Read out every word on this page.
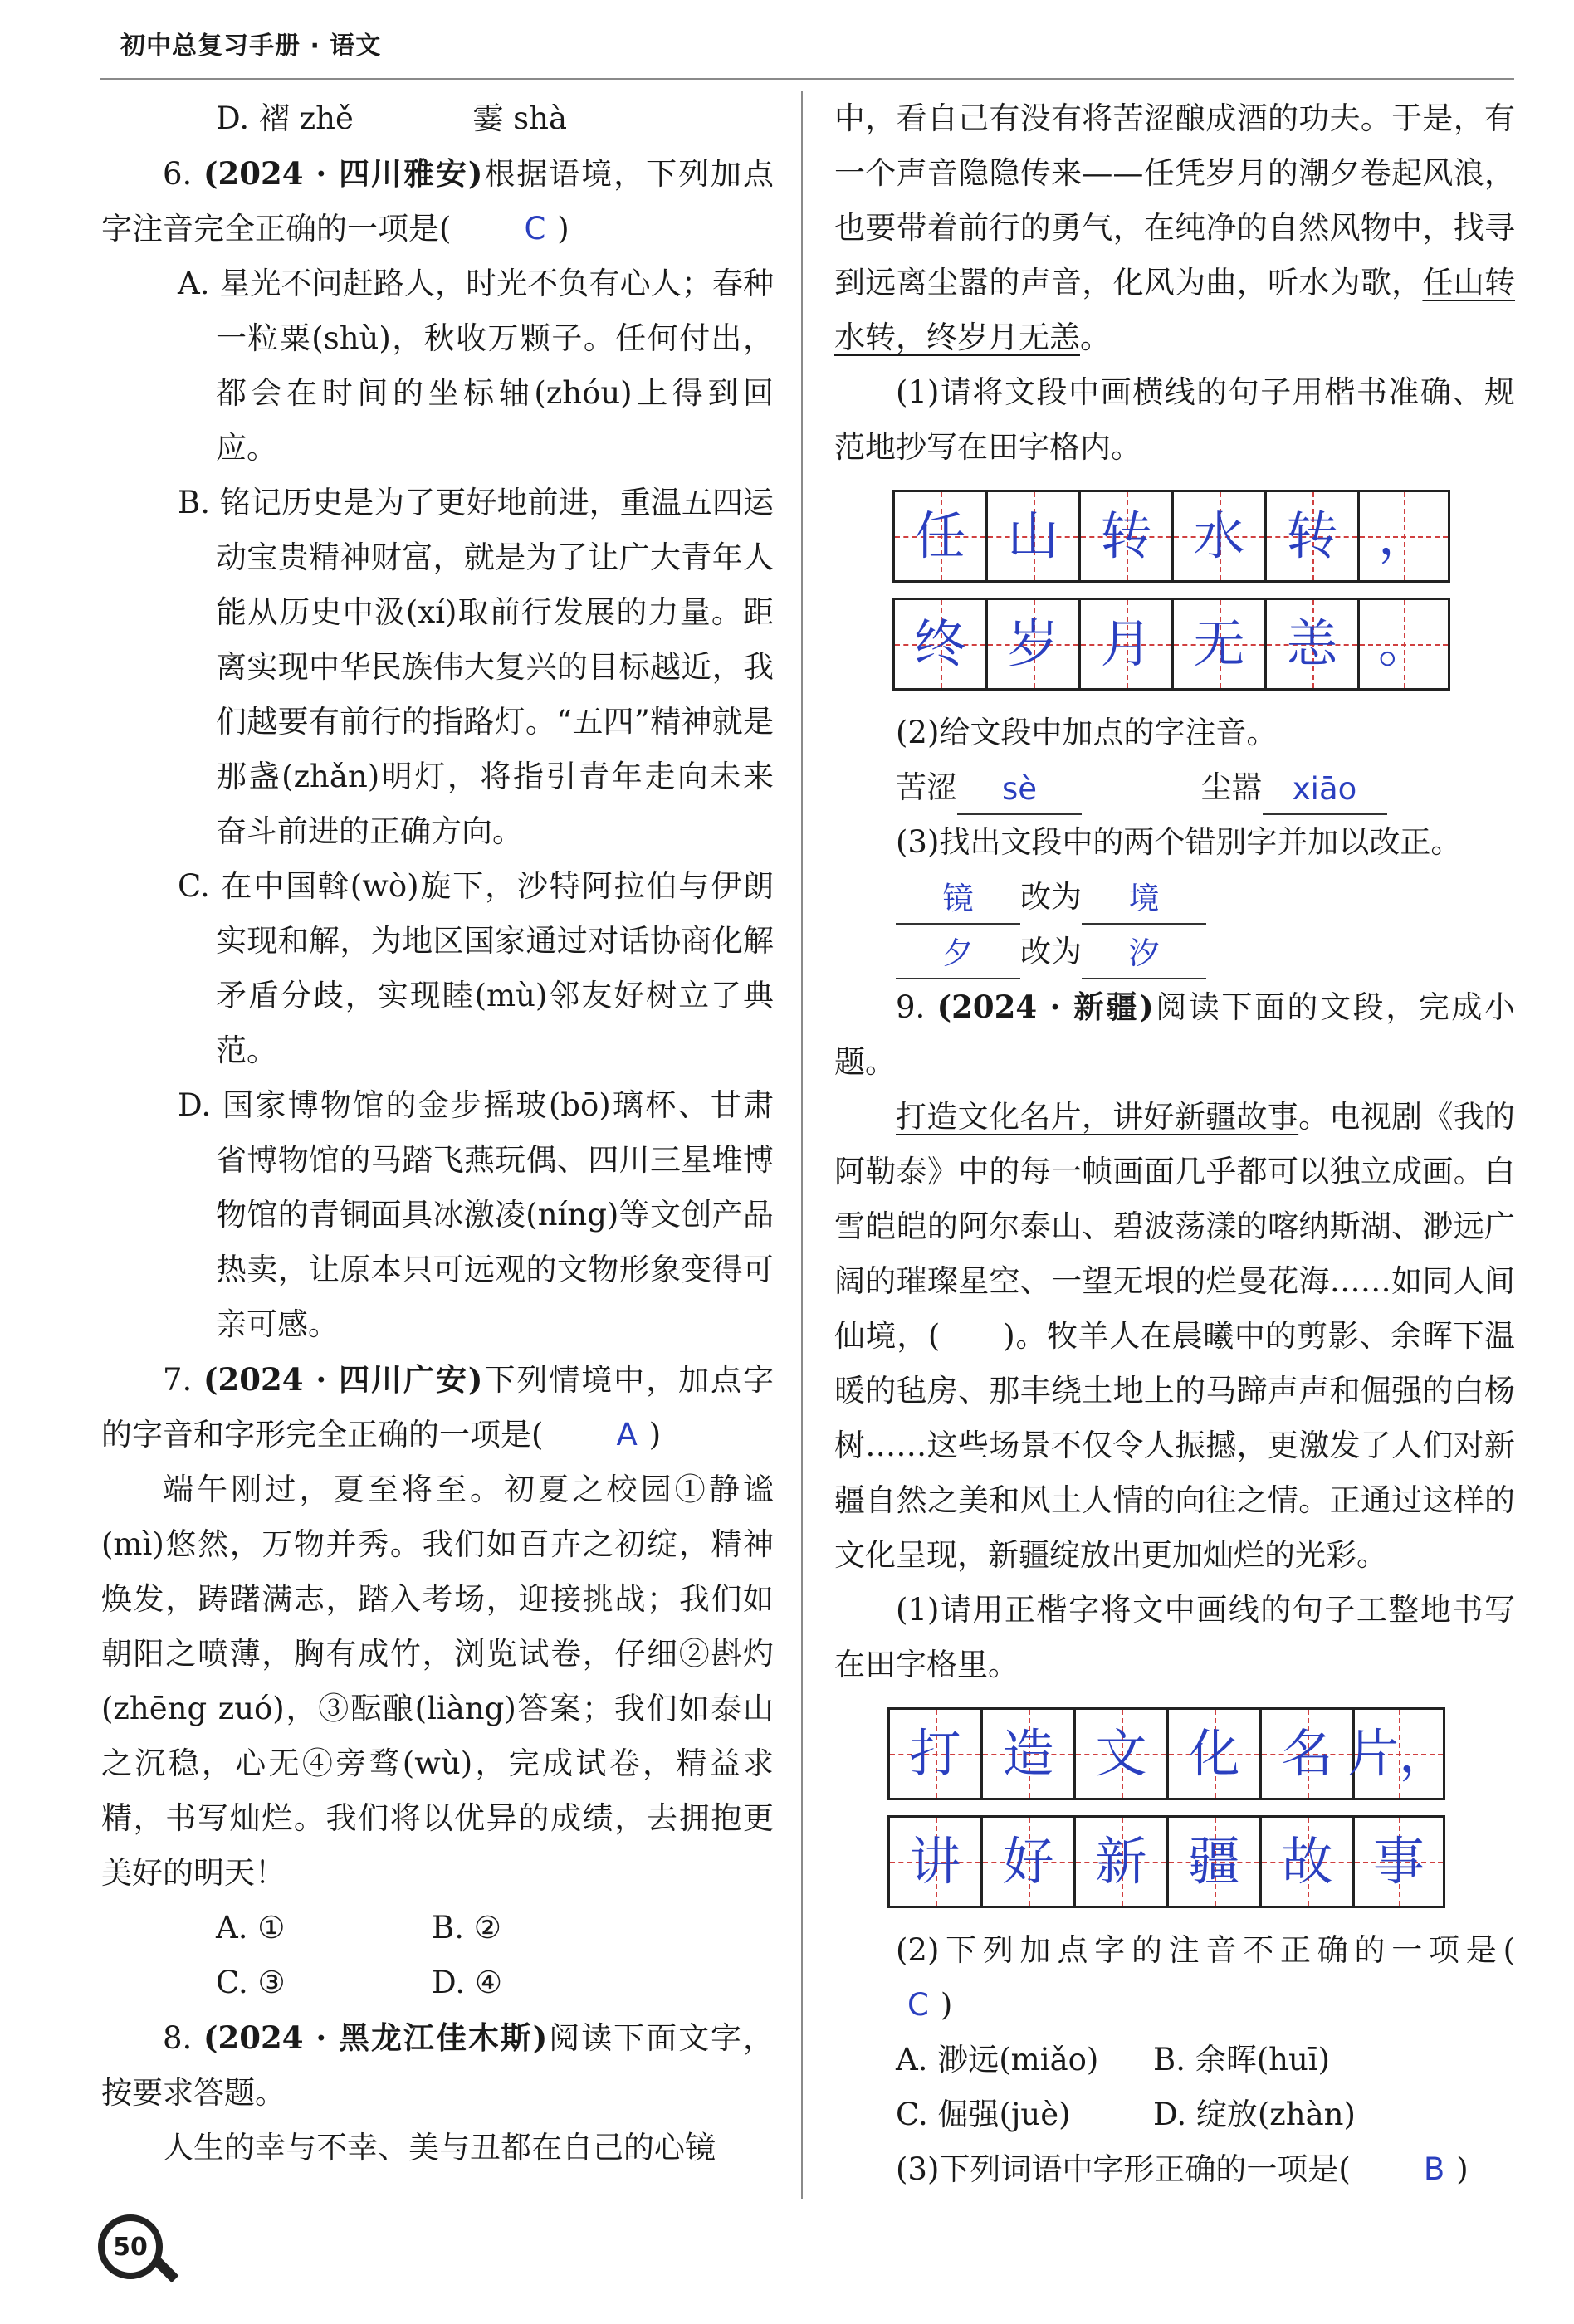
初中总复习手册 · 语文

D. 褶 zhě	霎 shà

6. (2024 · 四川雅安)根据语境，下列加点字注音完全正确的一项是( C )

A. 星光不问赶路人，时光不负有心人；春种一粒粟(shù)，秋收万颗子。任何付出，都会在时间的坐标轴(zhóu)上得到回应。

B. 铭记历史是为了更好地前进，重温五四运动宝贵精神财富，就是为了让广大青年人能从历史中汲(xí)取前行发展的力量。距离实现中华民族伟大复兴的目标越近，我们越要有前行的指路灯。“五四”精神就是那盏(zhǎn)明灯，将指引青年走向未来奋斗前进的正确方向。

C. 在中国斡(wò)旋下，沙特阿拉伯与伊朗实现和解，为地区国家通过对话协商化解矛盾分歧，实现睦(mù)邻友好树立了典范。

D. 国家博物馆的金步摇玻(bō)璃杯、甘肃省博物馆的马踏飞燕玩偶、四川三星堆博物馆的青铜面具冰激凌(níng)等文创产品热卖，让原本只可远观的文物形象变得可亲可感。

7. (2024 · 四川广安)下列情境中，加点字的字音和字形完全正确的一项是( A )

端午刚过，夏至将至。初夏之校园①静谧(mì)悠然，万物并秀。我们如百卉之初绽，精神焕发，踌躇满志，踏入考场，迎接挑战；我们如朝阳之喷薄，胸有成竹，浏览试卷，仔细②斟灼(zhēng zuó)，③酝酿(liàng)答案；我们如泰山之沉稳，心无④旁骛(wù)，完成试卷，精益求精，书写灿烂。我们将以优异的成绩，去拥抱更美好的明天！

A. ①	B. ②
C. ③	D. ④

8. (2024 · 黑龙江佳木斯)阅读下面文字，按要求答题。

人生的幸与不幸、美与丑都在自己的心镜

中，看自己有没有将苦涩酿成酒的功夫。于是，有一个声音隐隐传来——任凭岁月的潮夕卷起风浪，也要带着前行的勇气，在纯净的自然风物中，找寻到远离尘嚣的声音，化风为曲，听水为歌，任山转水转，终岁月无恙。

(1)请将文段中画横线的句子用楷书准确、规范地抄写在田字格内。

任 山 转 水 转 ，
终 岁 月 无 恙 。

(2)给文段中加点的字注音。

苦涩 sè	尘嚣 xiāo

(3)找出文段中的两个错别字并加以改正。

镜 改为 境

夕 改为 汐

9. (2024 · 新疆)阅读下面的文段，完成小题。

打造文化名片，讲好新疆故事。电视剧《我的阿勒泰》中的每一帧画面几乎都可以独立成画。白雪皑皑的阿尔泰山、碧波荡漾的喀纳斯湖、渺远广阔的璀璨星空、一望无垠的烂曼花海……如同人间仙境，(　　)。牧羊人在晨曦中的剪影、余晖下温暖的毡房、那丰绕土地上的马蹄声声和倔强的白杨树……这些场景不仅令人振撼，更激发了人们对新疆自然之美和风土人情的向往之情。正通过这样的文化呈现，新疆绽放出更加灿烂的光彩。

(1)请用正楷字将文中画线的句子工整地书写在田字格里。

打 造 文 化 名 片，
讲 好 新 疆 故 事

(2)下列加点字的注音不正确的一项是(C )

A. 渺远(miǎo)	B. 余晖(huī)
C. 倔强(juè)	D. 绽放(zhàn)

(3)下列词语中字形正确的一项是( B )

50
